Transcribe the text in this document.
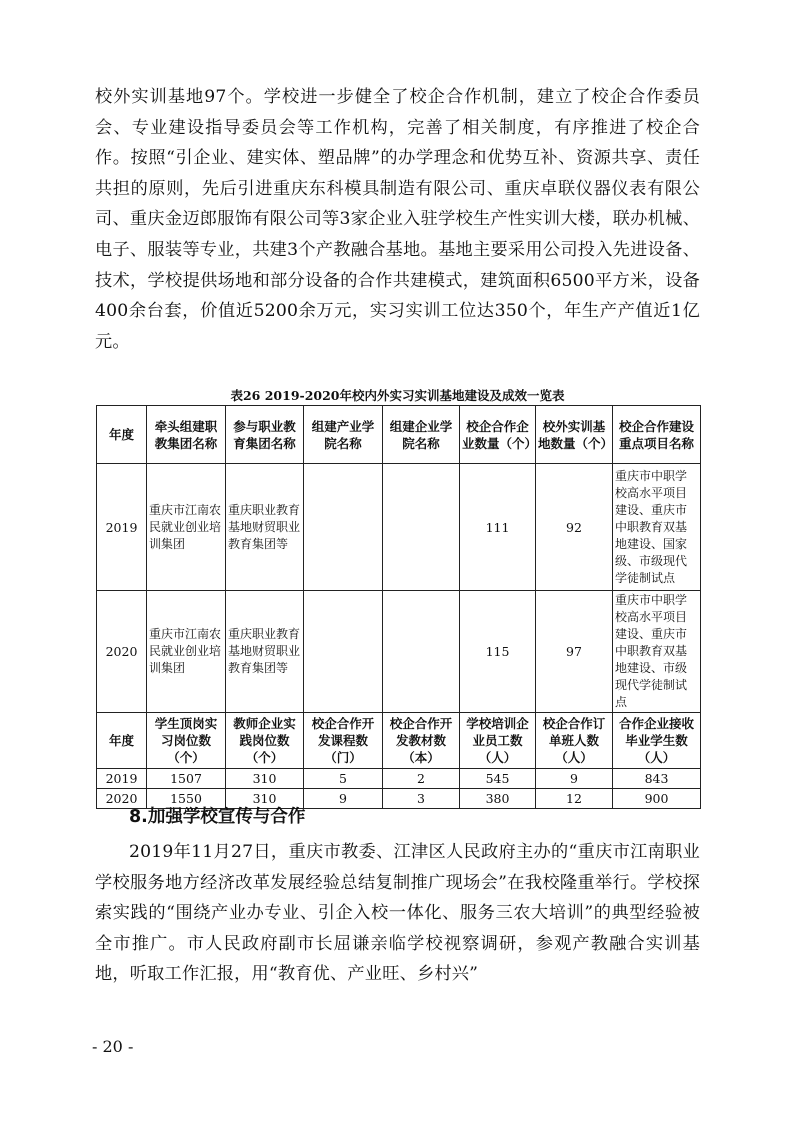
校外实训基地97个。学校进一步健全了校企合作机制，建立了校企合作委员会、专业建设指导委员会等工作机构，完善了相关制度，有序推进了校企合作。按照“引企业、建实体、塑品牌”的办学理念和优势互补、资源共享、责任共担的原则，先后引进重庆东科模具制造有限公司、重庆卓联仪器仪表有限公司、重庆金迈郎服饰有限公司等3家企业入驻学校生产性实训大楼，联办机械、电子、服装等专业，共建3个产教融合基地。基地主要采用公司投入先进设备、技术，学校提供场地和部分设备的合作共建模式，建筑面积6500平方米，设备400余台套，价值近5200余万元，实习实训工位达350个，年生产产值近1亿元。

表26 2019-2020年校内外实习实训基地建设及成效一览表

年度	牵头组建职教集团名称	参与职业教育集团名称	组建产业学院名称	组建企业学院名称	校企合作企业数量（个）	校外实训基地数量（个）	校企合作建设重点项目名称
2019	重庆市江南农民就业创业培训集团	重庆职业教育基地财贸职业教育集团等			111	92	重庆市中职学校高水平项目建设、重庆市中职教育双基地建设、国家级、市级现代学徒制试点
2020	重庆市江南农民就业创业培训集团	重庆职业教育基地财贸职业教育集团等			115	97	重庆市中职学校高水平项目建设、重庆市中职教育双基地建设、市级现代学徒制试点
年度	学生顶岗实习岗位数（个）	教师企业实践岗位数（个）	校企合作开发课程数（门）	校企合作开发教材数（本）	学校培训企业员工数（人）	校企合作订单班人数（人）	合作企业接收毕业学生数（人）
2019	1507	310	5	2	545	9	843
2020	1550	310	9	3	380	12	900

8.加强学校宣传与合作

2019年11月27日，重庆市教委、江津区人民政府主办的“重庆市江南职业学校服务地方经济改革发展经验总结复制推广现场会”在我校隆重举行。学校探索实践的“围绕产业办专业、引企入校一体化、服务三农大培训”的典型经验被全市推广。市人民政府副市长屈谦亲临学校视察调研，参观产教融合实训基地，听取工作汇报，用“教育优、产业旺、乡村兴”

- 20 -
